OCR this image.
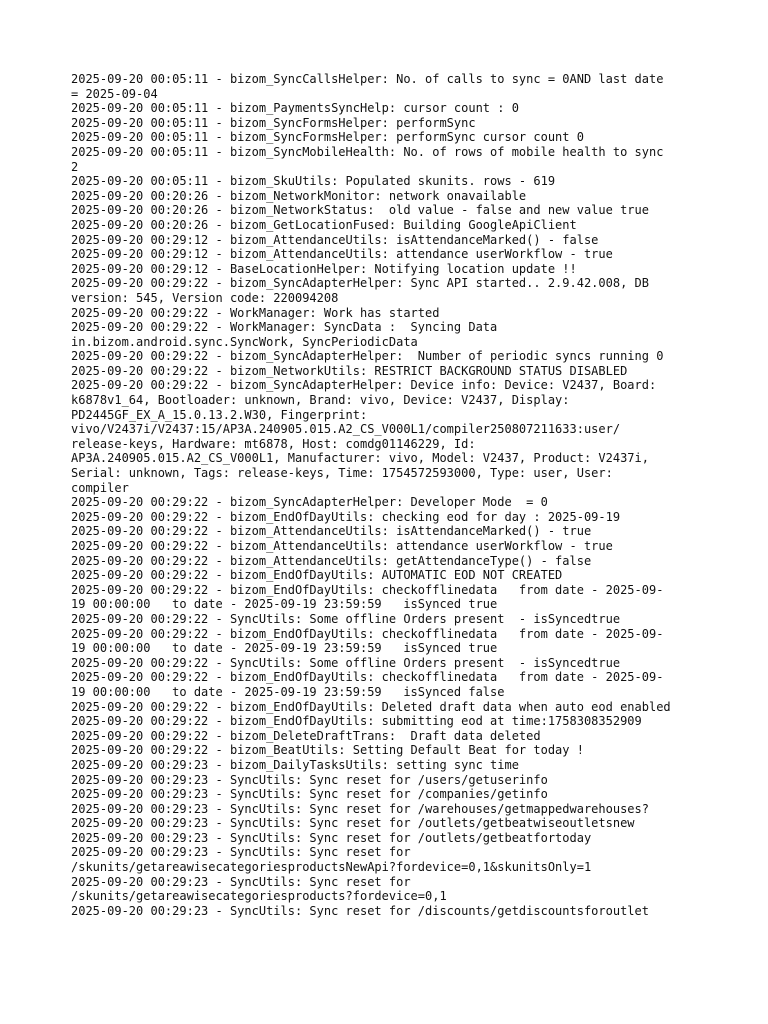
2025-09-20 00:05:11 - bizom_SyncCallsHelper: No. of calls to sync = 0AND last date
= 2025-09-04
2025-09-20 00:05:11 - bizom_PaymentsSyncHelp: cursor count : 0
2025-09-20 00:05:11 - bizom_SyncFormsHelper: performSync
2025-09-20 00:05:11 - bizom_SyncFormsHelper: performSync cursor count 0
2025-09-20 00:05:11 - bizom_SyncMobileHealth: No. of rows of mobile health to sync
2
2025-09-20 00:05:11 - bizom_SkuUtils: Populated skunits. rows - 619
2025-09-20 00:20:26 - bizom_NetworkMonitor: network onavailable
2025-09-20 00:20:26 - bizom_NetworkStatus:  old value - false and new value true
2025-09-20 00:20:26 - bizom_GetLocationFused: Building GoogleApiClient
2025-09-20 00:29:12 - bizom_AttendanceUtils: isAttendanceMarked() - false
2025-09-20 00:29:12 - bizom_AttendanceUtils: attendance userWorkflow - true
2025-09-20 00:29:12 - BaseLocationHelper: Notifying location update !!
2025-09-20 00:29:22 - bizom_SyncAdapterHelper: Sync API started.. 2.9.42.008, DB
version: 545, Version code: 220094208
2025-09-20 00:29:22 - WorkManager: Work has started
2025-09-20 00:29:22 - WorkManager: SyncData :  Syncing Data
in.bizom.android.sync.SyncWork, SyncPeriodicData
2025-09-20 00:29:22 - bizom_SyncAdapterHelper:  Number of periodic syncs running 0
2025-09-20 00:29:22 - bizom_NetworkUtils: RESTRICT BACKGROUND STATUS DISABLED
2025-09-20 00:29:22 - bizom_SyncAdapterHelper: Device info: Device: V2437, Board:
k6878v1_64, Bootloader: unknown, Brand: vivo, Device: V2437, Display:
PD2445GF_EX_A_15.0.13.2.W30, Fingerprint:
vivo/V2437i/V2437:15/AP3A.240905.015.A2_CS_V000L1/compiler250807211633:user/
release-keys, Hardware: mt6878, Host: comdg01146229, Id:
AP3A.240905.015.A2_CS_V000L1, Manufacturer: vivo, Model: V2437, Product: V2437i,
Serial: unknown, Tags: release-keys, Time: 1754572593000, Type: user, User:
compiler
2025-09-20 00:29:22 - bizom_SyncAdapterHelper: Developer Mode  = 0
2025-09-20 00:29:22 - bizom_EndOfDayUtils: checking eod for day : 2025-09-19
2025-09-20 00:29:22 - bizom_AttendanceUtils: isAttendanceMarked() - true
2025-09-20 00:29:22 - bizom_AttendanceUtils: attendance userWorkflow - true
2025-09-20 00:29:22 - bizom_AttendanceUtils: getAttendanceType() - false
2025-09-20 00:29:22 - bizom_EndOfDayUtils: AUTOMATIC EOD NOT CREATED
2025-09-20 00:29:22 - bizom_EndOfDayUtils: checkofflinedata   from date - 2025-09-
19 00:00:00   to date - 2025-09-19 23:59:59   isSynced true
2025-09-20 00:29:22 - SyncUtils: Some offline Orders present  - isSyncedtrue
2025-09-20 00:29:22 - bizom_EndOfDayUtils: checkofflinedata   from date - 2025-09-
19 00:00:00   to date - 2025-09-19 23:59:59   isSynced true
2025-09-20 00:29:22 - SyncUtils: Some offline Orders present  - isSyncedtrue
2025-09-20 00:29:22 - bizom_EndOfDayUtils: checkofflinedata   from date - 2025-09-
19 00:00:00   to date - 2025-09-19 23:59:59   isSynced false
2025-09-20 00:29:22 - bizom_EndOfDayUtils: Deleted draft data when auto eod enabled
2025-09-20 00:29:22 - bizom_EndOfDayUtils: submitting eod at time:1758308352909
2025-09-20 00:29:22 - bizom_DeleteDraftTrans:  Draft data deleted
2025-09-20 00:29:22 - bizom_BeatUtils: Setting Default Beat for today !
2025-09-20 00:29:23 - bizom_DailyTasksUtils: setting sync time
2025-09-20 00:29:23 - SyncUtils: Sync reset for /users/getuserinfo
2025-09-20 00:29:23 - SyncUtils: Sync reset for /companies/getinfo
2025-09-20 00:29:23 - SyncUtils: Sync reset for /warehouses/getmappedwarehouses?
2025-09-20 00:29:23 - SyncUtils: Sync reset for /outlets/getbeatwiseoutletsnew
2025-09-20 00:29:23 - SyncUtils: Sync reset for /outlets/getbeatfortoday
2025-09-20 00:29:23 - SyncUtils: Sync reset for
/skunits/getareawisecategoriesproductsNewApi?fordevice=0,1&skunitsOnly=1
2025-09-20 00:29:23 - SyncUtils: Sync reset for
/skunits/getareawisecategoriesproducts?fordevice=0,1
2025-09-20 00:29:23 - SyncUtils: Sync reset for /discounts/getdiscountsforoutlet
